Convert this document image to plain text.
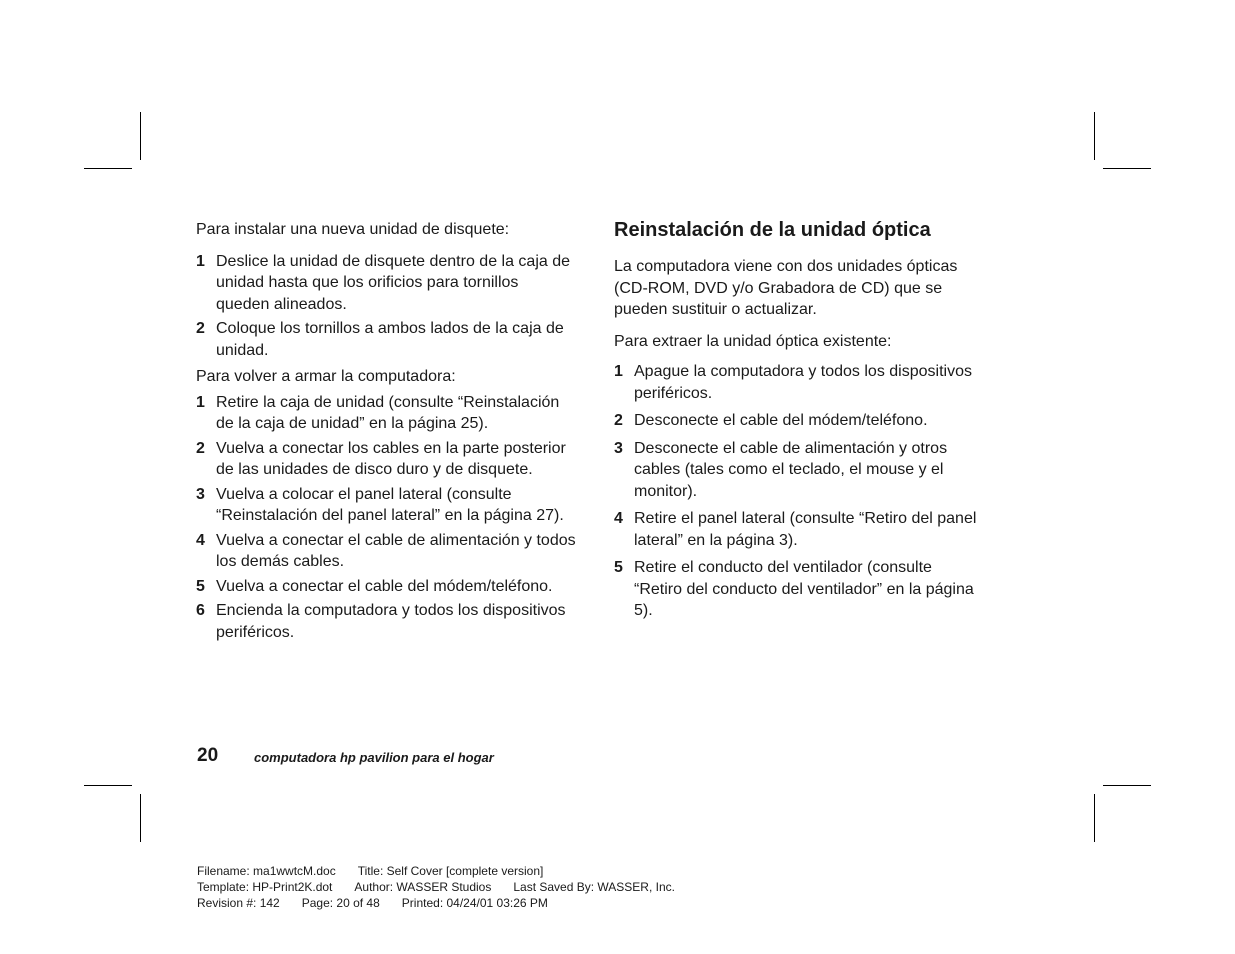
Para instalar una nueva unidad de disquete:

1 Deslice la unidad de disquete dentro de la caja de unidad hasta que los orificios para tornillos queden alineados.
2 Coloque los tornillos a ambos lados de la caja de unidad.

Para volver a armar la computadora:

1 Retire la caja de unidad (consulte “Reinstalación de la caja de unidad” en la página 25).
2 Vuelva a conectar los cables en la parte posterior de las unidades de disco duro y de disquete.
3 Vuelva a colocar el panel lateral (consulte “Reinstalación del panel lateral” en la página 27).
4 Vuelva a conectar el cable de alimentación y todos los demás cables.
5 Vuelva a conectar el cable del módem/teléfono.
6 Encienda la computadora y todos los dispositivos periféricos.
Reinstalación de la unidad óptica

La computadora viene con dos unidades ópticas (CD-ROM, DVD y/o Grabadora de CD) que se pueden sustituir o actualizar.

Para extraer la unidad óptica existente:

1 Apague la computadora y todos los dispositivos periféricos.
2 Desconecte el cable del módem/teléfono.
3 Desconecte el cable de alimentación y otros cables (tales como el teclado, el mouse y el monitor).
4 Retire el panel lateral (consulte “Retiro del panel lateral” en la página 3).
5 Retire el conducto del ventilador (consulte “Retiro del conducto del ventilador” en la página 5).
20	computadora hp pavilion para el hogar
Filename: ma1wwtcM.doc Title: Self Cover [complete version]
Template: HP-Print2K.dot Author: WASSER Studios Last Saved By: WASSER, Inc.
Revision #: 142 Page: 20 of 48 Printed: 04/24/01 03:26 PM
